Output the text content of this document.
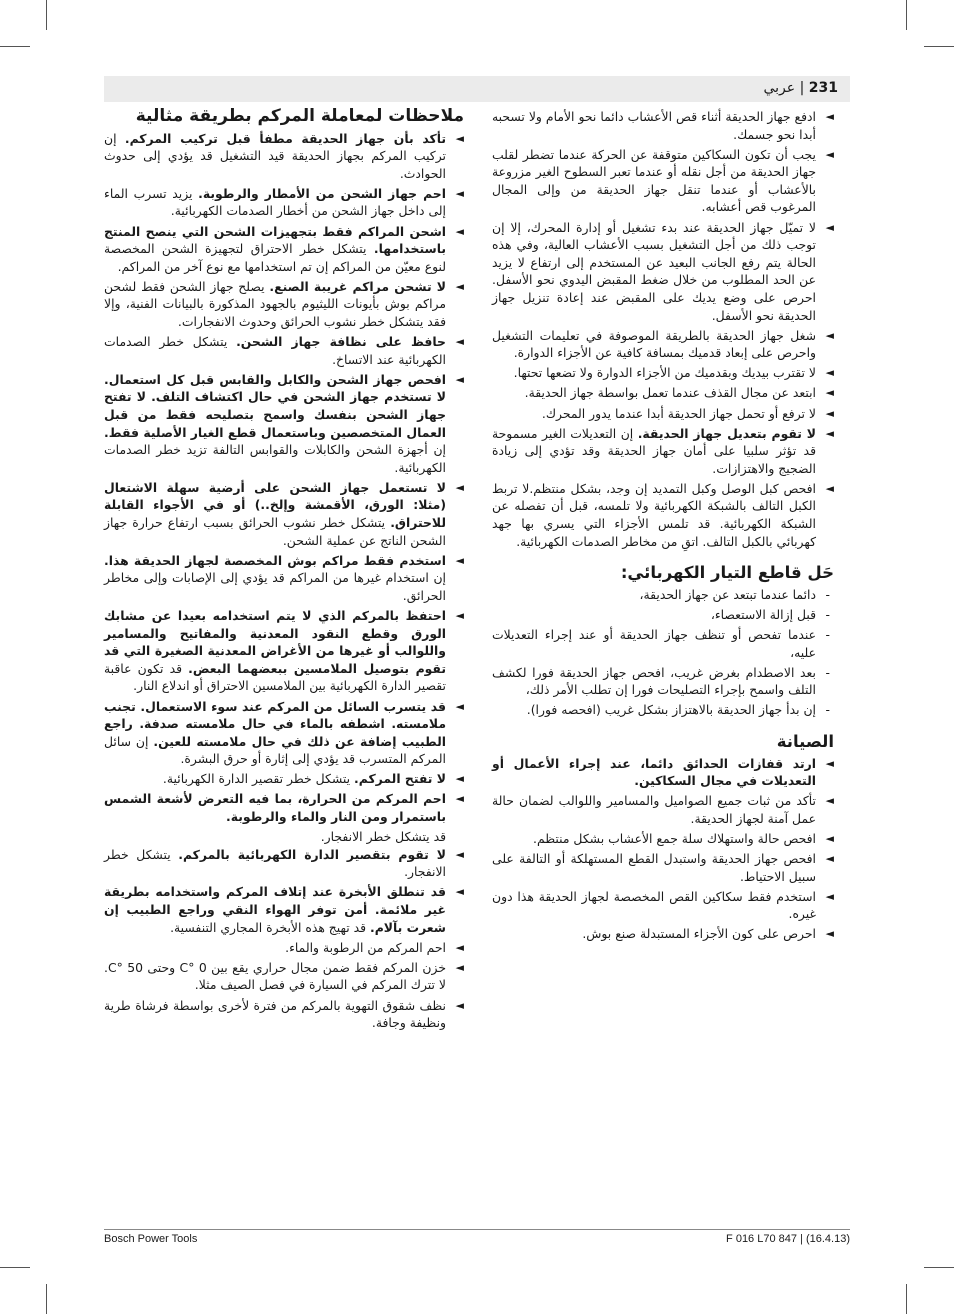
231 | عربي
◄ ادفع جهاز الحديقة أثناء قص الأعشاب دائما نحو الأمام ولا تسحبه أبدا نحو جسمك.
◄ يجب أن تكون السكاكين متوقفة عن الحركة عندما تضطر لقلب جهاز الحديقة من أجل نقله أو عندما تعبر السطوح الغير مزروعة بالأعشاب أو عندما تنقل جهاز الحديقة من وإلى المجال المرغوب قص أعشابه.
◄ لا تميّل جهاز الحديقة عند بدء تشغيل أو إدارة المحرك، إلا إن توجب ذلك من أجل التشغيل بسبب الأعشاب العالية، وفي هذه الحالة يتم رفع الجانب البعيد عن المستخدم إلى ارتفاع لا يزيد عن الحد المطلوب من خلال ضغط المقبض اليدوي نحو الأسفل. احرص على وضع يديك على المقبض عند إعادة تنزيل جهاز الحديقة نحو الأسفل.
◄ شغل جهاز الحديقة بالطريقة الموصوفة في تعليمات التشغيل واحرص على إبعاد قدميك بمسافة كافية عن الأجزاء الدوارة.
◄ لا تقترب بيديك وبقدميك من الأجزاء الدوارة ولا تضعها تحتها.
◄ ابتعد عن مجال القذف عندما تعمل بواسطة جهاز الحديقة.
◄ لا ترفع أو تحمل جهاز الحديقة أبدا عندما يدور المحرك.
◄ لا تقوم بتعديل جهاز الحديقة. إن التعديلات الغير مسموحة قد تؤثر سلبيا على أمان جهاز الحديقة وقد تؤدي إلى زيادة الضجيج والاهتزازات.
◄ افحص كبل الوصل وكبل التمديد إن وجد، بشكل منتظم.لا تربط الكبل التالف بالشبكة الكهربائية ولا تلمسه، قبل أن تفصله عن الشبكة الكهربائية. قد تلمس الأجزاء التي يسري بها جهد كهربائي بالكبل التالف. اتقِ من مخاطر الصدمات الكهربائية.
حَل قاطع التيار الكهربائي:
- دائما عندما تبتعد عن جهاز الحديقة،
- قبل إزالة الاستعصاء،
- عندما تفحص أو تنظف جهاز الحديقة أو عند إجراء التعديلات عليه،
- بعد الاصطدام بغرض غريب، افحص جهاز الحديقة فورا لكشف التلف واسمح بإجراء التصليحات فورا إن تطلب الأمر ذلك،
- إن بدأ جهاز الحديقة بالاهتزاز بشكل غريب (افحصه فورا).
الصيانة
◄ ارتد قفازات الحدائق دائما، عند إجراء الأعمال أو التعديلات في مجال السكاكين.
◄ تأكد من ثبات جميع الصواميل والمسامير واللوالب لضمان حالة عمل آمنة لجهاز الحديقة.
◄ افحص حالة واستهلاك سلة جمع الأعشاب بشكل منتظم.
◄ افحص جهاز الحديقة واستبدل القطع المستهلكة أو التالفة على سبيل الاحتياط.
◄ استخدم فقط سكاكين القص المخصصة لجهاز الحديقة هذا دون غيره.
◄ احرص على كون الأجزاء المستبدلة صنع بوش.
ملاحظات لمعاملة المركم بطريقة مثالية
◄ تأكد بأن جهاز الحديقة مطفأ قبل تركيب المركم. إن تركيب المركم بجهاز الحديقة قيد التشغيل قد يؤدي إلى حدوث الحوادث.
◄ احم جهاز الشحن من الأمطار والرطوبة. يزيد تسرب الماء إلى داخل جهاز الشحن من أخطار الصدمات الكهربائية.
◄ اشحن المراكم فقط بتجهيزات الشحن التي ينصح المنتج باستخدامها. يتشكل خطر الاحتراق لتجهيزة الشحن المخصصة لنوع معيّن من المراكم إن تم استخدامها مع نوع آخر من المراكم.
◄ لا تشحن مراكم غريبة الصنع. يصلح جهاز الشحن فقط لشحن مراكم بوش بأيونات الليثيوم بالجهود المذكورة بالبيانات الفنية، وإلا فقد يتشكل خطر نشوب الحرائق وحدوث الانفجارات.
◄ حافظ على نظافة جهاز الشحن. يتشكل خطر الصدمات الكهربائية عند الاتساخ.
◄ افحص جهاز الشحن والكابل والقابس قبل كل استعمال. لا تستخدم جهاز الشحن في حال اكتشاف التلف. لا تفتح جهاز الشحن بنفسك واسمح بتصليحه فقط من قبل العمال المتخصصين وباستعمال قطع الغيار الأصلية فقط. إن أجهزة الشحن والكابلات والقوابس التالفة تزيد خطر الصدمات الكهربائية.
◄ لا تستعمل جهاز الشحن على أرضية سهلة الاشتعال (مثلا: الورق، الأقمشة وإلخ..) أو في الأجواء القابلة للاحتراق. يتشكل خطر نشوب الحرائق بسبب ارتفاع حرارة جهاز الشحن الناتج عن عملية الشحن.
◄ استخدم فقط مراكم بوش المخصصة لجهاز الحديقة هذا. إن استخدام غيرها من المراكم قد يؤدي إلى الإصابات وإلى مخاطر الحرائق.
◄ احتفظ بالمركم الذي لا يتم استخدامه بعيدا عن مشابك الورق وقطع النقود المعدنية والمفاتيح والمسامير واللوالب أو غيرها من الأغراض المعدنية الصغيرة التي قد تقوم بتوصيل الملامسين ببعضهما البعض. قد تكون عاقبة تقصير الدارة الكهربائية بين الملامسين الاحتراق أو اندلاع النار.
◄ قد يتسرب السائل من المركم عند سوء الاستعمال. تجنب ملامسته. اشطفه بالماء في حال ملامسته صدفة. راجع الطبيب إضافة عن ذلك في حال ملامسته للعين. إن سائل المركم المتسرب قد يؤدي إلى إثارة أو حرق البشرة.
◄ لا تفتح المركم. يتشكل خطر تقصير الدارة الكهربائية.
◄ احم المركم من الحرارة، بما فيه التعرض لأشعة الشمس باستمرار ومن النار والماء والرطوبة.
قد يتشكل خطر الانفجار.
◄ لا تقوم بتقصير الدارة الكهربائية بالمركم. يتشكل خطر الانفجار.
◄ قد تنطلق الأبخرة عند إتلاف المركم واستخدامه بطريقة غير ملائمة. أمن توفر الهواء النقي وراجع الطبيب إن شعرت بآلام. قد تهيج هذه الأبخرة المجاري التنفسية.
◄ احم المركم من الرطوبة والماء.
◄ خزن المركم فقط ضمن مجال حراري يقع بين 0 °C وحتى 50 °C. لا تترك المركم في السيارة في فصل الصيف مثلا.
◄ نظف شقوق التهوية بالمركم من فترة لأخرى بواسطة فرشاة طرية ونظيفة وجافة.
Bosch Power Tools	F 016 L70 847 | (16.4.13)
